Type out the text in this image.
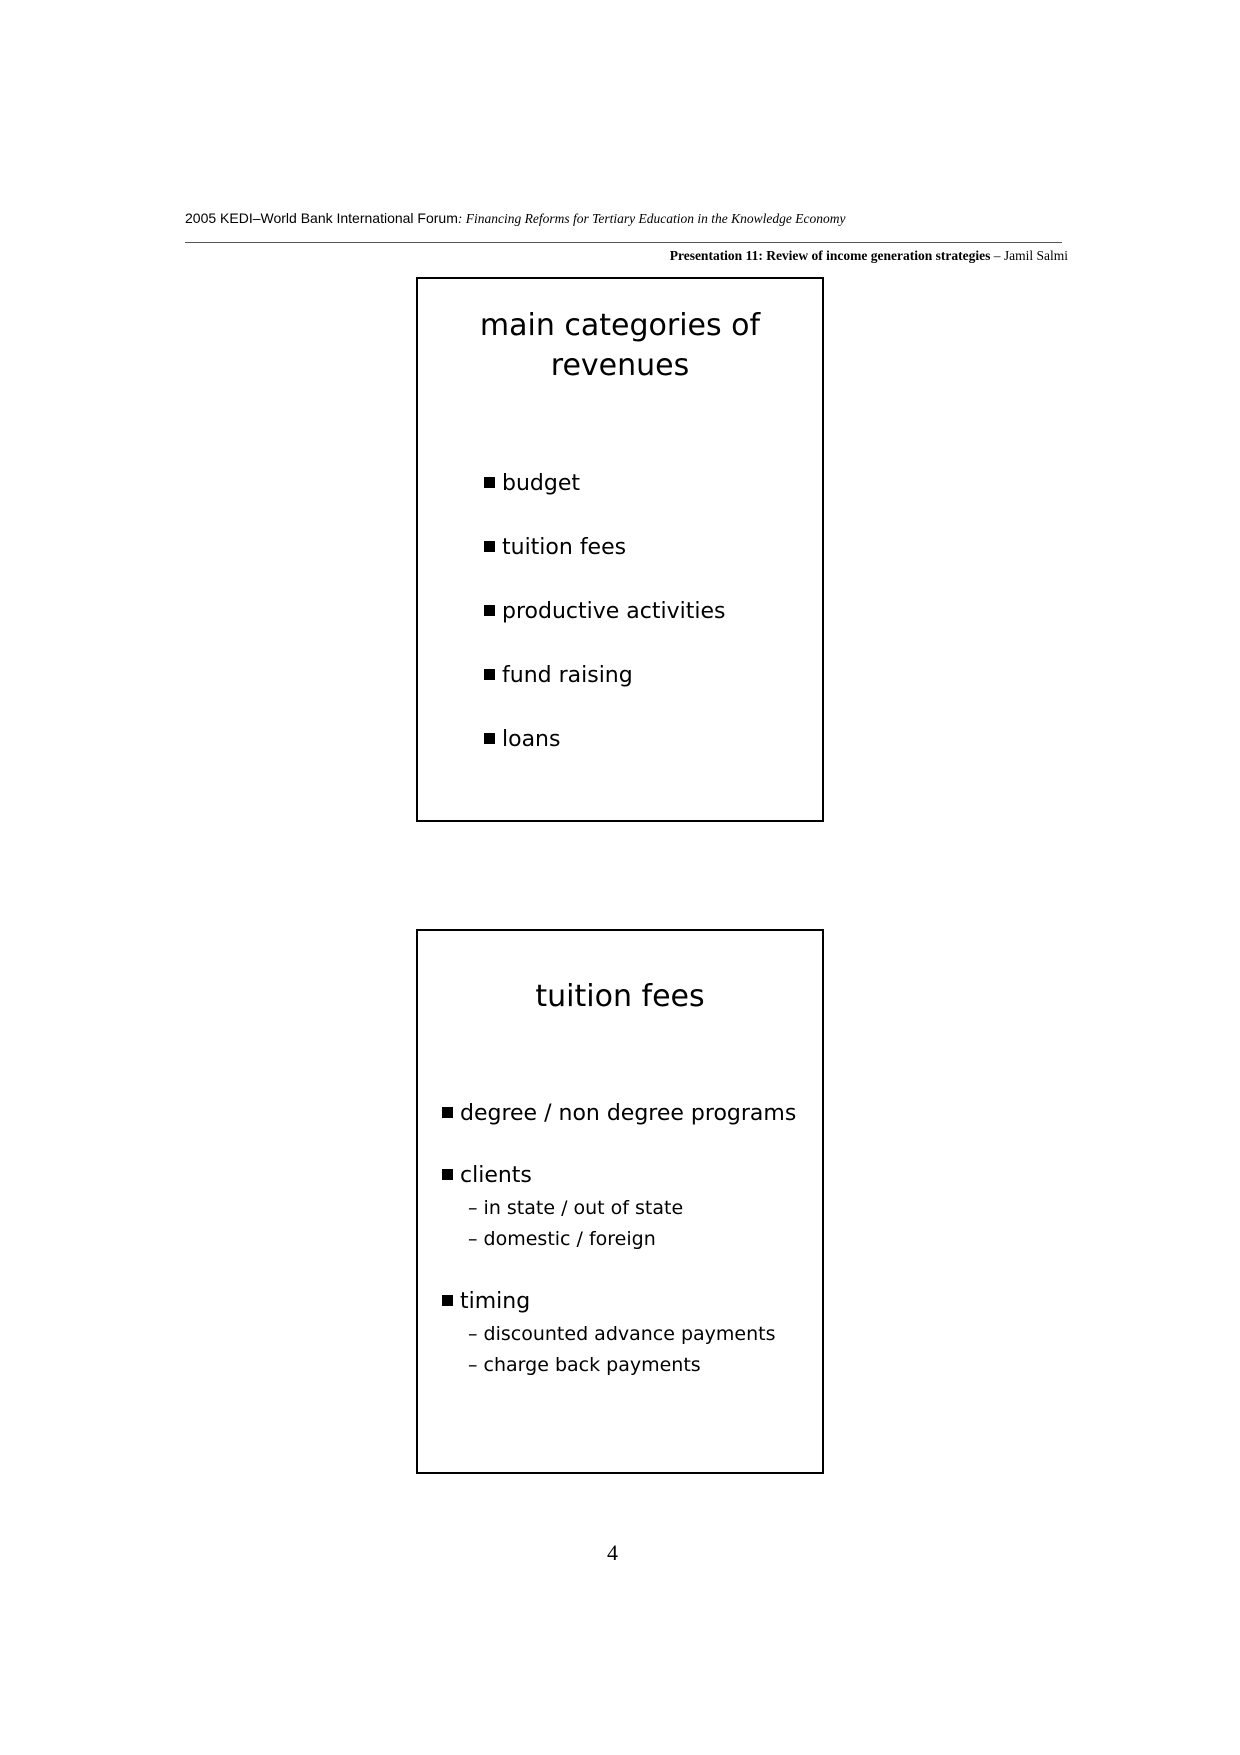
2005 KEDI–World Bank International Forum: Financing Reforms for Tertiary Education in the Knowledge Economy
Presentation 11: Review of income generation strategies – Jamil Salmi
main categories of
revenues
budget
tuition fees
productive activities
fund raising
loans
tuition fees
degree / non degree programs
clients
– in state / out of state
– domestic / foreign
timing
– discounted advance payments
– charge back payments
4
